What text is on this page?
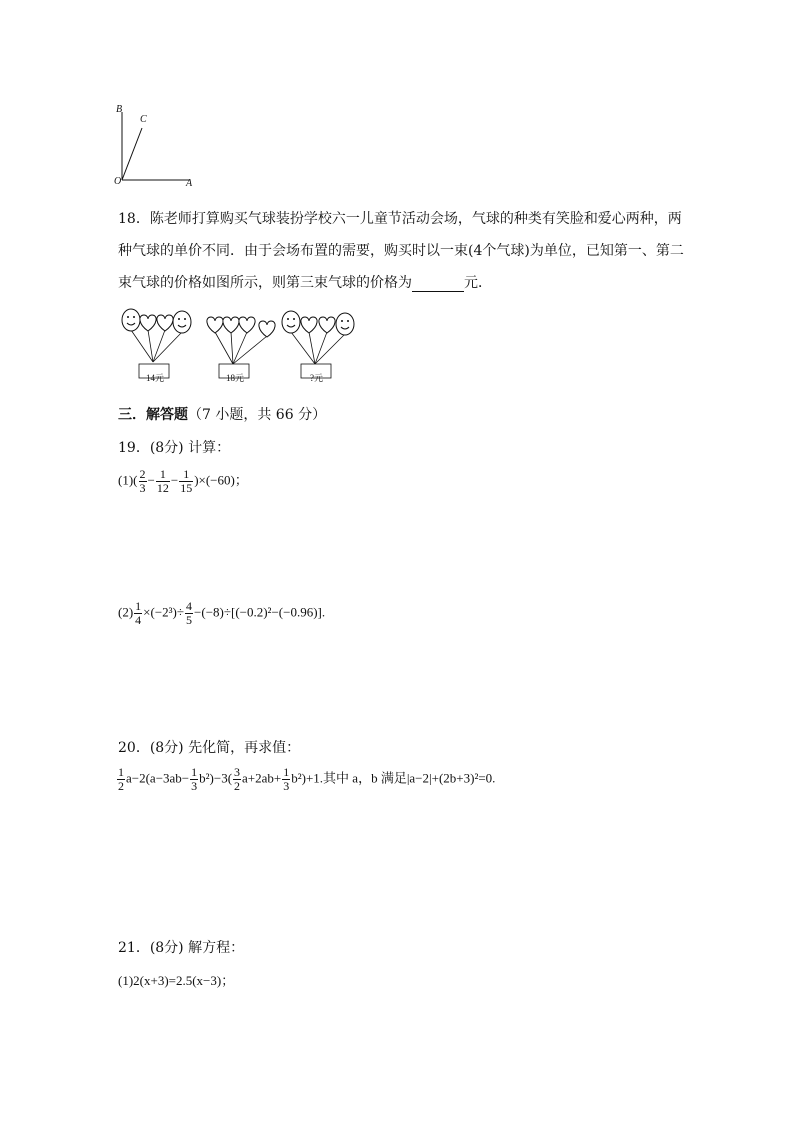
B
C
O	A
18．陈老师打算购买气球装扮学校六一儿童节活动会场，气球的种类有笑脸和爱心两种，两
种气球的单价不同．由于会场布置的需要，购买时以一束(4个气球)为单位，已知第一、第二
束气球的价格如图所示，则第三束气球的价格为	元．
14元	18元	?元
三．解答题（7 小题，共 66 分）
19．(8分) 计算：
$(1)( \frac{2}{3} - \frac{1}{12} - \frac{1}{15} )\times(-60)$；
$(2) \frac{1}{4} \times(-2^3)\div \frac{4}{5} -(-8)\div[(-0.2)^2-(-0.96)]$.
20．(8分) 先化简，再求值：
$\frac{1}{2} a-2(a-3ab- \frac{1}{3} b^2)-3( \frac{3}{2} a+2ab+ \frac{1}{3} b^2)+1$.其中 a，b 满足|a−2|+(2b+3)²=0.
21．(8分) 解方程：
(1)2(x+3)=2.5(x−3)；
